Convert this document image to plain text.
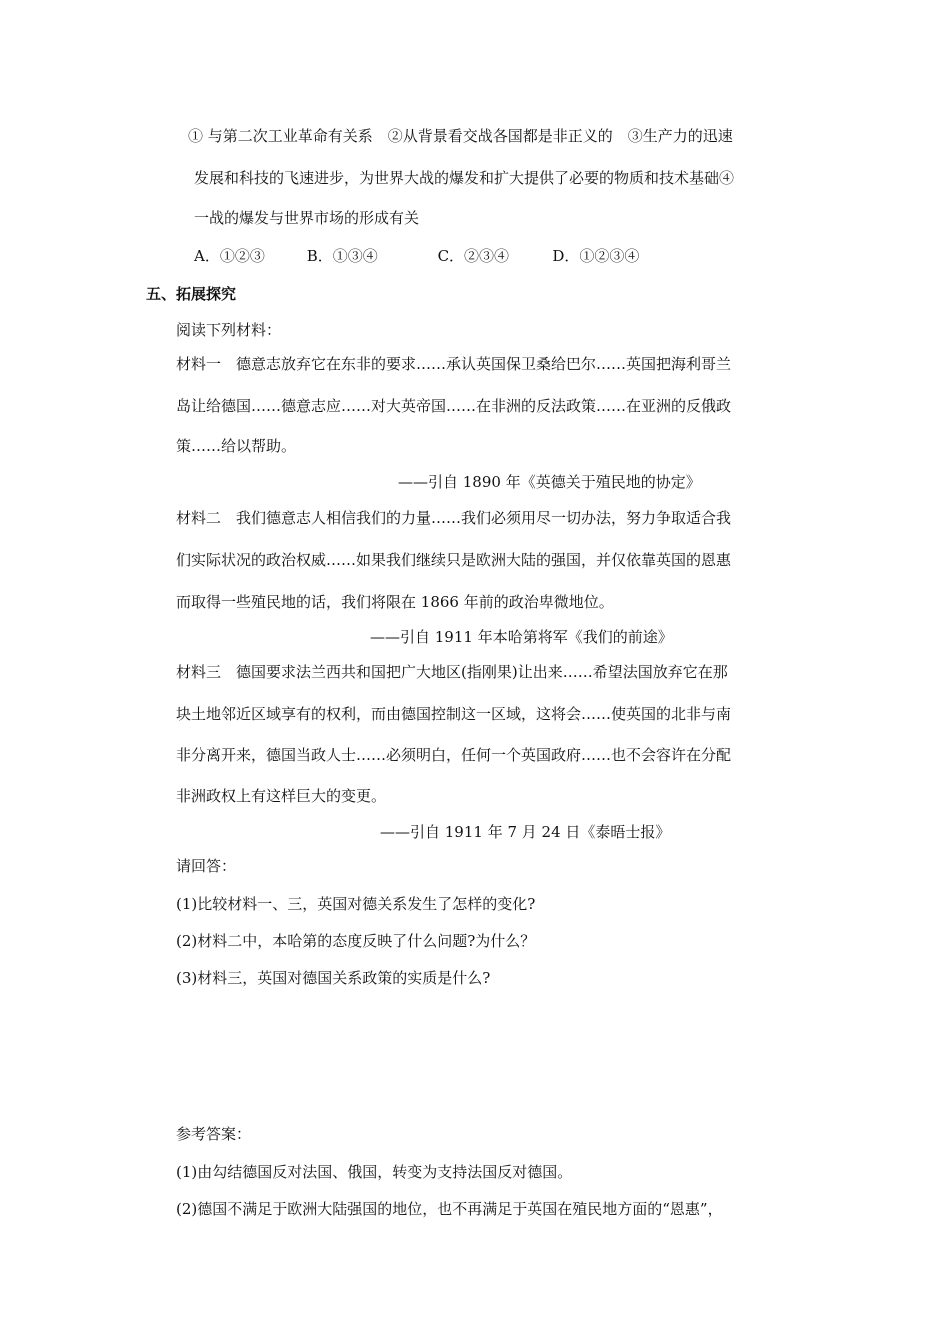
① 与第二次工业革命有关系　②从背景看交战各国都是非正义的　③生产力的迅速
发展和科技的飞速进步，为世界大战的爆发和扩大提供了必要的物质和技术基础④
一战的爆发与世界市场的形成有关
A．①②③	B．①③④	C．②③④	D．①②③④
五、拓展探究
阅读下列材料：
材料一　德意志放弃它在东非的要求……承认英国保卫桑给巴尔……英国把海利哥兰
岛让给德国……德意志应……对大英帝国……在非洲的反法政策……在亚洲的反俄政
策……给以帮助。
——引自 1890 年《英德关于殖民地的协定》
材料二　我们德意志人相信我们的力量……我们必须用尽一切办法，努力争取适合我
们实际状况的政治权威……如果我们继续只是欧洲大陆的强国，并仅依靠英国的恩惠
而取得一些殖民地的话，我们将限在 1866 年前的政治卑微地位。
——引自 1911 年本哈第将军《我们的前途》
材料三　德国要求法兰西共和国把广大地区(指刚果)让出来……希望法国放弃它在那
块土地邻近区域享有的权利，而由德国控制这一区域，这将会……使英国的北非与南
非分离开来，德国当政人士……必须明白，任何一个英国政府……也不会容许在分配
非洲政权上有这样巨大的变更。
——引自 1911 年 7 月 24 日《泰晤士报》
请回答：
(1)比较材料一、三，英国对德关系发生了怎样的变化?
(2)材料二中，本哈第的态度反映了什么问题?为什么？
(3)材料三，英国对德国关系政策的实质是什么?
参考答案：
(1)由勾结德国反对法国、俄国，转变为支持法国反对德国。
(2)德国不满足于欧洲大陆强国的地位，也不再满足于英国在殖民地方面的“恩惠”，
